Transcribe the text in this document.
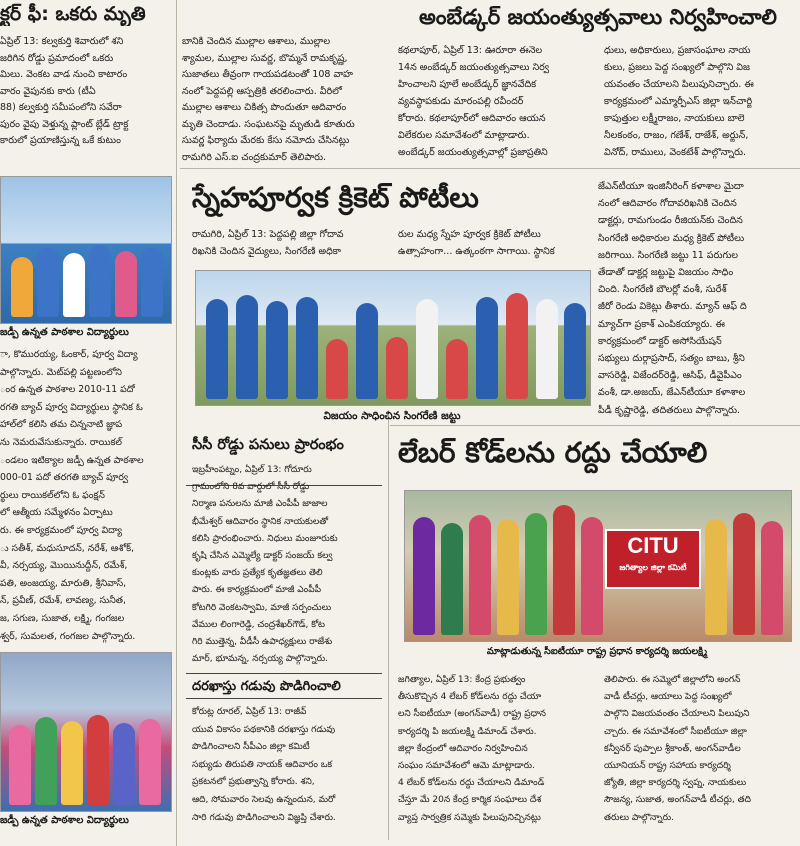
క్టర్ ఫీ: ఒకరు మృతి
ఏప్రిల్ 13: కల్వకుర్తి శివారులో శని
జరిగిన రోడ్డు ప్రమాదంలో ఒకరు
మిలు. వెంకట వాడ నుంచి కాటారం
వారం వైపునకు కారు (టీఏ
88) కల్వకుర్తి సమీపంలోని సవేరా
పురం వైపు వెళ్తున్న ప్లాంట్ బ్లేడ్ ట్రాక్ట
కారులో ప్రయాణిస్తున్న ఒకే కుటుం
బానికి చెందిన ముల్లాల ఆశాలు, ముల్లాల
శ్యామల, ముల్లాల సువర్ణ, బొమ్మనే రామకృష్ణ,
సుజాతలు తీవ్రంగా గాయపడటంతో 108 వాహ
నంలో పెద్దపల్లి ఆస్పత్రికి తరలించారు. వీరిలో
ముల్లాల ఆశాలు చికిత్స పొందుతూ ఆదివారం
మృతి చెందాడు. సంఘటనపై మృతుడి కూతురు
సువర్ణ ఫిర్యాదు మేరకు కేసు నమోదు చేసినట్లు
రామగిరి ఎస్.ఐ చంద్రకుమార్ తెలిపారు.
అంబేడ్కర్ జయంత్యుత్సవాలు నిర్వహించాలి
కథలాపూర్, ఏప్రిల్ 13: ఊరూరా ఈనెల
14న అంబేడ్కర్ జయంత్యుత్సవాలు నిర్వ
హించాలని పూలే అంబేడ్కర్ జ్ఞానవేదిక
వ్యవస్థాపకుడు మారంపల్లి రవీందర్
కోరారు. కథలాపూర్‌లో ఆదివారం ఆయన
విలేకరుల సమావేశంలో మాట్లాడారు.
అంబేడ్కర్ జయంత్యుత్సవాల్లో ప్రజాప్రతిని
ధులు, అధికారులు, ప్రజాసంఘాల నాయ
కులు, ప్రజలు పెద్ద సంఖ్యలో పాల్గొని విజ
యవంతం చేయాలని పిలుపునిచ్చారు. ఈ
కార్యక్రమంలో ఎమ్మార్పీఎస్ జిల్లా ఇన్‌చార్జి
కాపుత్తుల లక్ష్మీరాజం, నాయకులు బాలె
నీలకంఠం, రాజం, గణేశ్, రాజేశ్, అర్జున్,
వినోద్, రాములు, వెంకటేశ్ పాల్గొన్నారు.
జడ్పీ ఉన్నత పాఠశాల విద్యార్థులు
ా, కొమురయ్య, ఓంకార్, పూర్వ విద్యా
పాల్గొన్నారు. మెట్‌పల్లి పట్టణంలోని
ంర ఉన్నత పాఠశాల 2010-11 పదో
రగతి బ్యాచ్ పూర్వ విద్యార్థులు స్థానిక ఓ
హాల్‌లో కలిసి తమ చిన్ననాటి జ్ఞాప
ను నెమరువేసుకున్నారు. రాయికల్
ండలం ఇటిక్యాల జడ్పీ ఉన్నత పాఠశాల
000-01 పదో తరగతి బ్యాచ్ పూర్వ
ర్థులు రాయికల్‌లోని ఓ ఫంక్షన్
లో ఆత్మీయ సమ్మేళనం ఏర్పాటు
రు. ఈ కార్యక్రమంలో పూర్వ విద్యా
ు సతీశ్, మధుసూదన్, నరేశ్, ఆశోక్,
వీ, నర్సయ్య, మొయినుద్దీన్, రమేశ్,
పతి, అంజయ్య, మారుతి, శ్రీనివాస్,
న్, ప్రవీణ్, రమేశ్, లావణ్య, సునీత,
జ, సగుణ, సుజాత, లక్ష్మి, గంగజల
శ్వర్, సుమలత, గంగజల పాల్గొన్నారు.
జడ్పీ ఉన్నత పాఠశాల విద్యార్థులు
స్నేహపూర్వక క్రికెట్ పోటీలు
రామగిరి, ఏప్రిల్ 13: పెద్దపల్లి జిల్లా గోదావ
రిఖనికి చెందిన వైద్యులు, సింగరేణి అధికా
రుల మధ్య స్నేహ పూర్వక క్రికెట్ పోటీలు
ఉత్సాహంగా... ఉత్కంఠగా సాగాయి. స్థానిక
విజయం సాధించిన సింగరేణి జట్టు
జేఎన్‌టీయూ ఇంజినీరింగ్ కళాశాల మైదా
నంలో ఆదివారం గోదావరిఖనికి చెందిన
డాక్టర్లు, రామగుండం రీజియన్‌కు చెందిన
సింగరేణి అధికారుల మధ్య క్రికెట్ పోటీలు
జరిగాయి. సింగరేణి జట్టు 11 పరుగుల
తేడాతో డాక్టర్ల జట్టుపై విజయం సాధిం
చింది. సింగరేణి బౌలర్లో వంశీ, సురేశ్
జీరో రెండు వికెట్లు తీశారు. మ్యాన్ ఆఫ్ ది
మ్యాచ్‌గా ప్రకాశ్ ఎంపికయ్యారు. ఈ
కార్యక్రమంలో డాక్టర్ అసోసియేషన్
సభ్యులు దుర్గాప్రసాద్, సత్యం బాబు, శ్రీని
వాసరెడ్డి, విజేందర్‌రెడ్డి, ఆసిఫ్, డీవైపీఎం
వంశీ, డా.అజయ్, జేఎన్‌టీయూ కళాశాల
పీడీ కృష్ణారెడ్డి, తదితరులు పాల్గొన్నారు.
సీసీ రోడ్డు పనులు ప్రారంభం
ఇబ్రహీంపట్నం, ఏప్రిల్ 13: గోదూరు
గ్రామంలోని 8వ వార్డులో సీసీ రోడ్డు
నిర్మాణ పనులను మాజీ ఎంపీపీ జాజాల
భీమేశ్వర్ ఆదివారం స్థానిక నాయకులతో
కలిసి ప్రారంభించారు. నిధులు మంజూరుకు
కృషి చేసిన ఎమ్మెల్యే డాక్టర్ సంజయ్ కల్వ
కుంట్లకు వారు ప్రత్యేక కృతజ్ఞతలు తెలి
పారు. ఈ కార్యక్రమంలో మాజీ ఎంపీపీ
కోటగిరి వెంకటస్వామి, మాజీ సర్పంచులు
వేముల లింగారెడ్డి, చంద్రశేఖర్‌గౌడ్, కోట
గిరి ముత్తెన్న, వీడీసీ ఉపాధ్యక్షులు రాజేశు
మార్, భూమన్న, నర్సయ్య పాల్గొన్నారు.
దరఖాస్తు గడువు పొడిగించాలి
కోరుట్ల రూరల్, ఏప్రిల్ 13: రాజీవ్
యువ వికాసం పథకానికి దరఖాస్తు గడువు
పొడిగించాలని సీపీఎం జిల్లా కమిటీ
సభ్యుడు తిరుపతి నాయక్ ఆదివారం ఒక
ప్రకటనలో ప్రభుత్వాన్ని కోరారు. శని,
ఆది, సోమవారం సెలవు ఉన్నందున, మరో
సారి గడువు పొడిగించాలని విజ్ఞప్తి చేశారు.
లేబర్ కోడ్‌లను రద్దు చేయాలి
CITU
జగిత్యాల జిల్లా కమిటీ
మాట్లాడుతున్న సీఐటీయూ రాష్ట్ర ప్రధాన కార్యదర్శి జయలక్ష్మి
జగిత్యాల, ఏప్రిల్ 13: కేంద్ర ప్రభుత్వం
తీసుకొచ్చిన 4 లేబర్ కోడ్‌లను రద్దు చేయా
లని సీఐటీయూ (అంగన్‌వాడీ) రాష్ట్ర ప్రధాన
కార్యదర్శి పి జయలక్ష్మి డిమాండ్ చేశారు.
జిల్లా కేంద్రంలో ఆదివారం నిర్వహించిన
సంఘం సమావేశంలో ఆమె మాట్లాడారు.
4 లేబర్ కోడ్‌లను రద్దు చేయాలని డిమాండ్
చేస్తూ మే 20న కేంద్ర కార్మిక సంఘాలు దేశ
వ్యాప్త సార్వత్రిక సమ్మెకు పిలుపునిచ్చినట్లు
తెలిపారు. ఈ సమ్మెలో జిల్లాలోని అంగన్
వాడీ టీచర్లు, ఆయాలు పెద్ద సంఖ్యలో
పాల్గొని విజయవంతం చేయాలని పిలుపుని
చ్చారు. ఈ సమావేశంలో సీఐటీయూ జిల్లా
కన్వీనర్ పుప్పాల శ్రీకాంత్, అంగన్‌వాడీల
యూనియన్ రాష్ట్ర సహాయ కార్యదర్శి
జ్యోతి, జిల్లా కార్యదర్శి స్వప్న, నాయకులు
సౌజన్య, సుజాత, అంగన్‌వాడీ టీచర్లు, తది
తరులు పాల్గొన్నారు.
